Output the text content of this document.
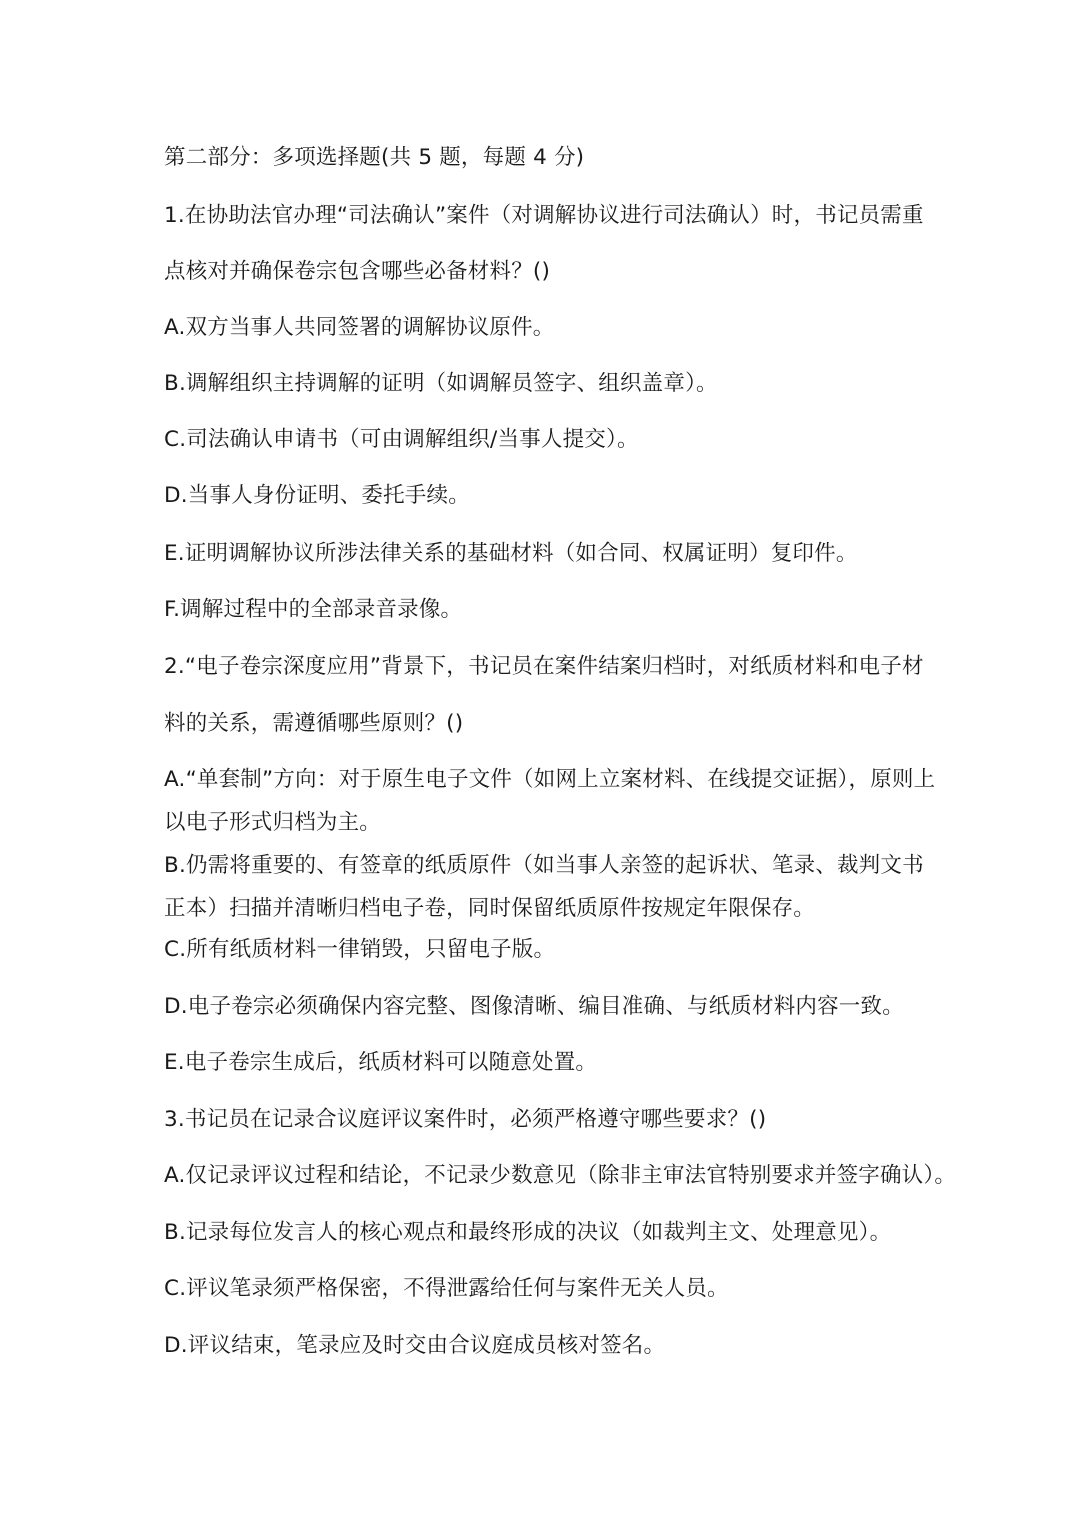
第二部分：多项选择题(共 5 题，每题 4 分)
1.在协助法官办理“司法确认”案件（对调解协议进行司法确认）时，书记员需重
点核对并确保卷宗包含哪些必备材料？()
A.双方当事人共同签署的调解协议原件。
B.调解组织主持调解的证明（如调解员签字、组织盖章）。
C.司法确认申请书（可由调解组织/当事人提交）。
D.当事人身份证明、委托手续。
E.证明调解协议所涉法律关系的基础材料（如合同、权属证明）复印件。
F.调解过程中的全部录音录像。
2.“电子卷宗深度应用”背景下，书记员在案件结案归档时，对纸质材料和电子材
料的关系，需遵循哪些原则？()
A.“单套制”方向：对于原生电子文件（如网上立案材料、在线提交证据），原则上
以电子形式归档为主。
B.仍需将重要的、有签章的纸质原件（如当事人亲签的起诉状、笔录、裁判文书
正本）扫描并清晰归档电子卷，同时保留纸质原件按规定年限保存。
C.所有纸质材料一律销毁，只留电子版。
D.电子卷宗必须确保内容完整、图像清晰、编目准确、与纸质材料内容一致。
E.电子卷宗生成后，纸质材料可以随意处置。
3.书记员在记录合议庭评议案件时，必须严格遵守哪些要求？()
A.仅记录评议过程和结论，不记录少数意见（除非主审法官特别要求并签字确认）。
B.记录每位发言人的核心观点和最终形成的决议（如裁判主文、处理意见）。
C.评议笔录须严格保密，不得泄露给任何与案件无关人员。
D.评议结束，笔录应及时交由合议庭成员核对签名。
